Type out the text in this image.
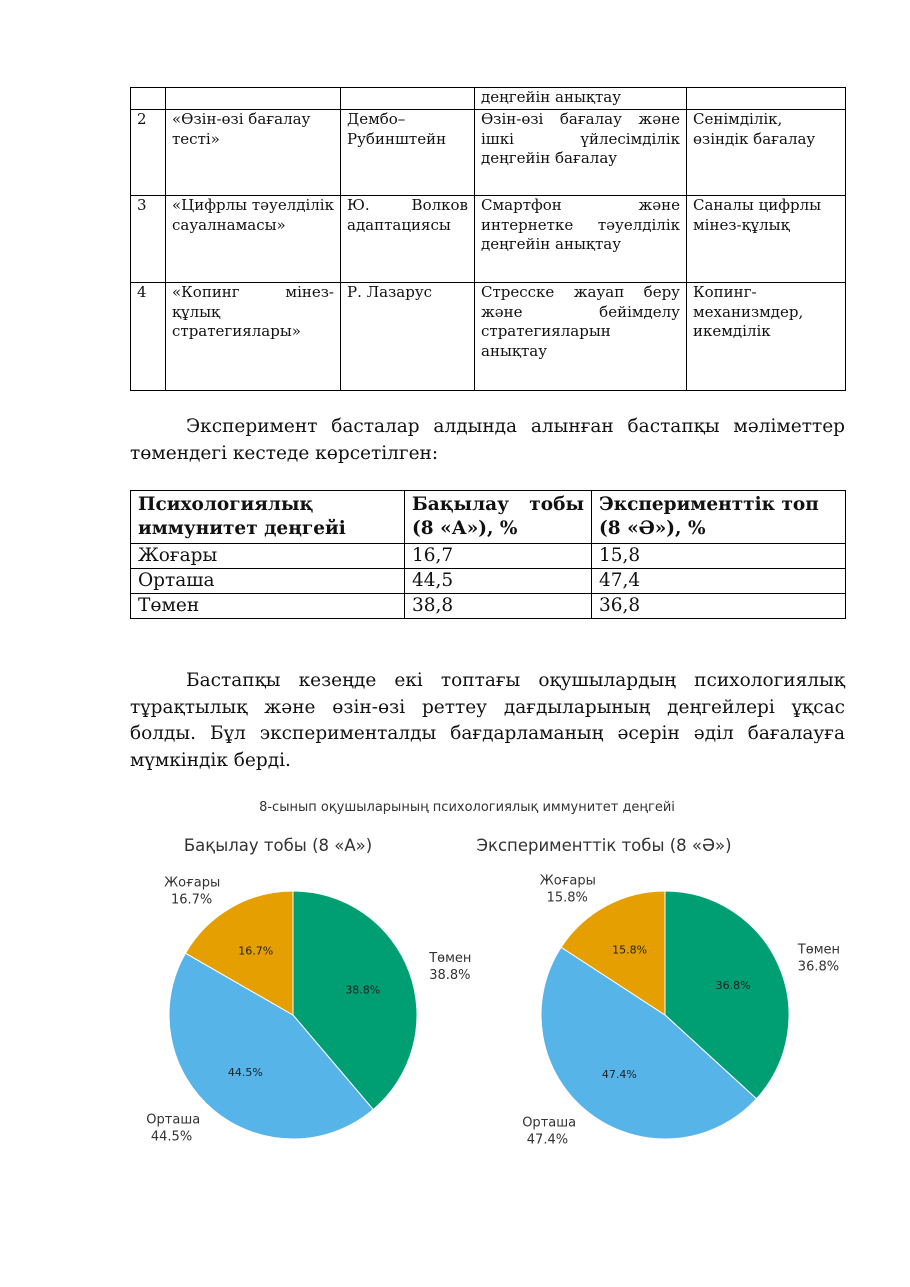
			деңгейін анықтау	
2	«Өзін-өзі бағалау тесті»	Дембо–Рубинштейн	Өзін-өзі бағалау және ішкі үйлесімділік деңгейін бағалау	Сенімділік, өзіндік бағалау
3	«Цифрлы тәуелділік сауалнамасы»	Ю. Волков адаптациясы	Смартфон және интернетке тәуелділік деңгейін анықтау	Саналы цифрлы мінез-құлық
4	«Копинг мінез-құлық стратегиялары»	Р. Лазарус	Стресске жауап беру және бейімделу стратегияларын анықтау	Копинг-механизмдер, икемділік

Эксперимент басталар алдында алынған бастапқы мәліметтер төмендегі кестеде көрсетілген:

Психологиялық иммунитет деңгейі	Бақылау тобы (8 «А»), %	Эксперименттік топ (8 «Ә»), %
Жоғары	16,7	15,8
Орташа	44,5	47,4
Төмен	38,8	36,8

Бастапқы кезеңде екі топтағы оқушылардың психологиялық тұрақтылық және өзін-өзі реттеу дағдыларының деңгейлері ұқсас болды. Бұл эксперименталды бағдарламаның әсерін әділ бағалауға мүмкіндік берді.

8-сынып оқушыларының психологиялық иммунитет деңгейі
Бақылау тобы (8 «А»)
38.8%
Төмен
38.8%
44.5%
Орташа
44.5%
16.7%
Жоғары
16.7%
Эксперименттік тобы (8 «Ә»)
36.8%
Төмен
36.8%
47.4%
Орташа
47.4%
15.8%
Жоғары
15.8%
